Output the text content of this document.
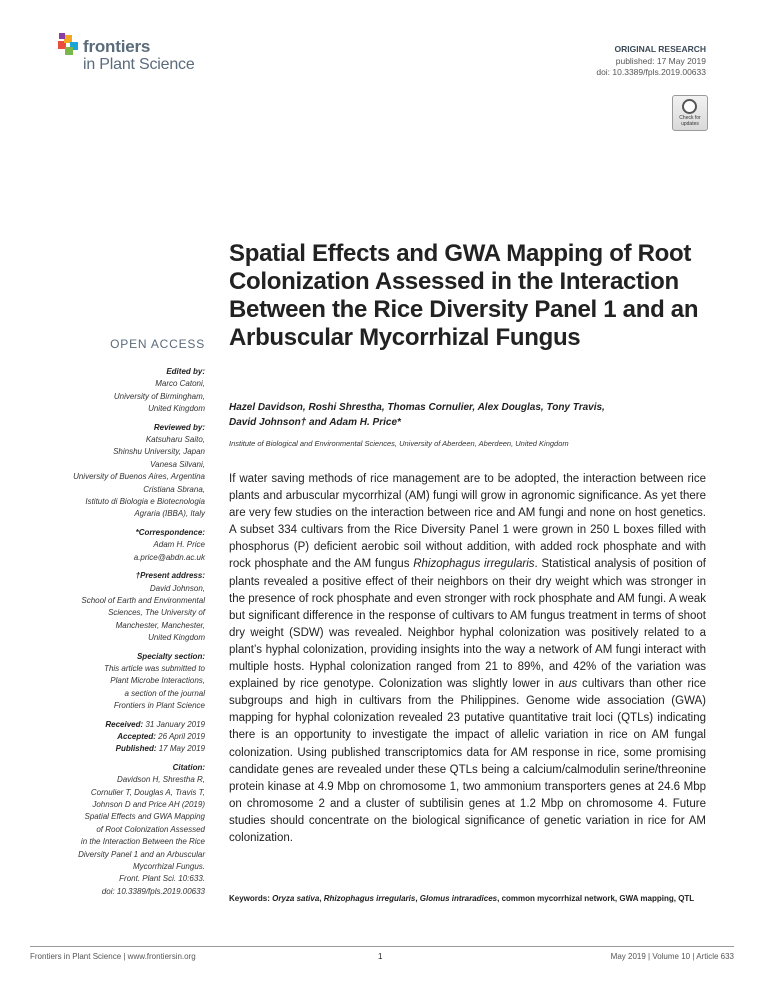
frontiers
in Plant Science
ORIGINAL RESEARCH
published: 17 May 2019
doi: 10.3389/fpls.2019.00633
Check for
updates
Spatial Effects and GWA Mapping of Root Colonization Assessed in the Interaction Between the Rice Diversity Panel 1 and an Arbuscular Mycorrhizal Fungus
Hazel Davidson, Roshi Shrestha, Thomas Cornulier, Alex Douglas, Tony Travis,
David Johnson† and Adam H. Price*
Institute of Biological and Environmental Sciences, University of Aberdeen, Aberdeen, United Kingdom
If water saving methods of rice management are to be adopted, the interaction between rice plants and arbuscular mycorrhizal (AM) fungi will grow in agronomic significance. As yet there are very few studies on the interaction between rice and AM fungi and none on host genetics. A subset 334 cultivars from the Rice Diversity Panel 1 were grown in 250 L boxes filled with phosphorus (P) deficient aerobic soil without addition, with added rock phosphate and with rock phosphate and the AM fungus Rhizophagus irregularis. Statistical analysis of position of plants revealed a positive effect of their neighbors on their dry weight which was stronger in the presence of rock phosphate and even stronger with rock phosphate and AM fungi. A weak but significant difference in the response of cultivars to AM fungus treatment in terms of shoot dry weight (SDW) was revealed. Neighbor hyphal colonization was positively related to a plant’s hyphal colonization, providing insights into the way a network of AM fungi interact with multiple hosts. Hyphal colonization ranged from 21 to 89%, and 42% of the variation was explained by rice genotype. Colonization was slightly lower in aus cultivars than other rice subgroups and high in cultivars from the Philippines. Genome wide association (GWA) mapping for hyphal colonization revealed 23 putative quantitative trait loci (QTLs) indicating there is an opportunity to investigate the impact of allelic variation in rice on AM fungal colonization. Using published transcriptomics data for AM response in rice, some promising candidate genes are revealed under these QTLs being a calcium/calmodulin serine/threonine protein kinase at 4.9 Mbp on chromosome 1, two ammonium transporters genes at 24.6 Mbp on chromosome 2 and a cluster of subtilisin genes at 1.2 Mbp on chromosome 4. Future studies should concentrate on the biological significance of genetic variation in rice for AM colonization.
Keywords: Oryza sativa, Rhizophagus irregularis, Glomus intraradices, common mycorrhizal network, GWA mapping, QTL
OPEN ACCESS
Edited by:
Marco Catoni,
University of Birmingham,
United Kingdom
Reviewed by:
Katsuharu Saito,
Shinshu University, Japan
Vanesa Silvani,
University of Buenos Aires, Argentina
Cristiana Sbrana,
Istituto di Biologia e Biotecnologia
Agraria (IBBA), Italy
*Correspondence:
Adam H. Price
a.price@abdn.ac.uk
†Present address:
David Johnson,
School of Earth and Environmental
Sciences, The University of
Manchester, Manchester,
United Kingdom
Specialty section:
This article was submitted to
Plant Microbe Interactions,
a section of the journal
Frontiers in Plant Science
Received: 31 January 2019
Accepted: 26 April 2019
Published: 17 May 2019
Citation:
Davidson H, Shrestha R,
Cornulier T, Douglas A, Travis T,
Johnson D and Price AH (2019)
Spatial Effects and GWA Mapping
of Root Colonization Assessed
in the Interaction Between the Rice
Diversity Panel 1 and an Arbuscular
Mycorrhizal Fungus.
Front. Plant Sci. 10:633.
doi: 10.3389/fpls.2019.00633
Frontiers in Plant Science | www.frontiersin.org	1	May 2019 | Volume 10 | Article 633
